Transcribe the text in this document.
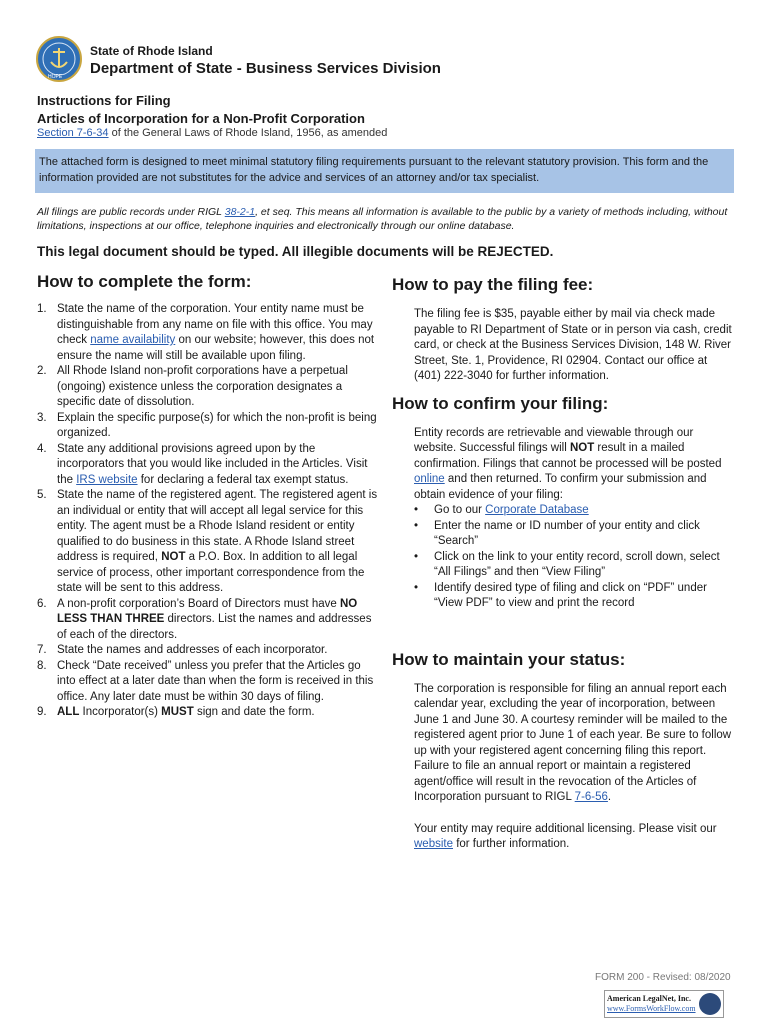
HOPE
State of Rhode Island
Department of State - Business Services Division
Instructions for Filing
Articles of Incorporation for a Non-Profit Corporation
Section 7-6-34 of the General Laws of Rhode Island, 1956, as amended
The attached form is designed to meet minimal statutory filing requirements pursuant to the relevant statutory provision. This form and the information provided are not substitutes for the advice and services of an attorney and/or tax specialist.
All filings are public records under RIGL 38-2-1, et seq. This means all information is available to the public by a variety of methods including, without limitations, inspections at our office, telephone inquiries and electronically through our online database.
This legal document should be typed. All illegible documents will be REJECTED.
How to complete the form:
1. State the name of the corporation. Your entity name must be distinguishable from any name on file with this office. You may check name availability on our website; however, this does not ensure the name will still be available upon filing.
2. All Rhode Island non-profit corporations have a perpetual (ongoing) existence unless the corporation designates a specific date of dissolution.
3. Explain the specific purpose(s) for which the non-profit is being organized.
4. State any additional provisions agreed upon by the incorporators that you would like included in the Articles. Visit the IRS website for declaring a federal tax exempt status.
5. State the name of the registered agent. The registered agent is an individual or entity that will accept all legal service for this entity. The agent must be a Rhode Island resident or entity qualified to do business in this state. A Rhode Island street address is required, NOT a P.O. Box. In addition to all legal service of process, other important correspondence from the state will be sent to this address.
6. A non-profit corporation’s Board of Directors must have NO LESS THAN THREE directors. List the names and addresses of each of the directors.
7. State the names and addresses of each incorporator.
8. Check “Date received” unless you prefer that the Articles go into effect at a later date than when the form is received in this office. Any later date must be within 30 days of filing.
9. ALL Incorporator(s) MUST sign and date the form.
How to pay the filing fee:
The filing fee is $35, payable either by mail via check made payable to RI Department of State or in person via cash, credit card, or check at the Business Services Division, 148 W. River Street, Ste. 1, Providence, RI 02904. Contact our office at (401) 222-3040 for further information.
How to confirm your filing:
Entity records are retrievable and viewable through our website. Successful filings will NOT result in a mailed confirmation. Filings that cannot be processed will be posted online and then returned. To confirm your submission and obtain evidence of your filing:
• Go to our Corporate Database
• Enter the name or ID number of your entity and click “Search”
• Click on the link to your entity record, scroll down, select “All Filings” and then “View Filing”
• Identify desired type of filing and click on “PDF” under “View PDF” to view and print the record
How to maintain your status:
The corporation is responsible for filing an annual report each calendar year, excluding the year of incorporation, between June 1 and June 30. A courtesy reminder will be mailed to the registered agent prior to June 1 of each year. Be sure to follow up with your registered agent concerning filing this report. Failure to file an annual report or maintain a registered agent/office will result in the revocation of the Articles of Incorporation pursuant to RIGL 7-6-56.
Your entity may require additional licensing. Please visit our website for further information.
FORM 200 - Revised: 08/2020
American LegalNet, Inc.
www.FormsWorkFlow.com
